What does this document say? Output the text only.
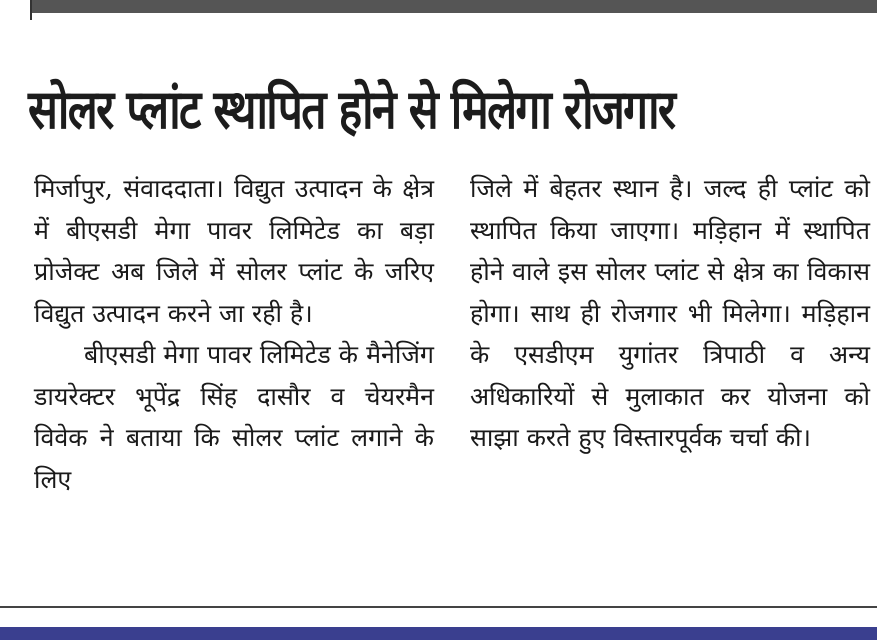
सोलर प्लांट स्थापित होने से मिलेगा रोजगार

मिर्जापुर, संवाददाता। विद्युत उत्पादन के क्षेत्र में बीएसडी मेगा पावर लिमिटेड का बड़ा प्रोजेक्ट अब जिले में सोलर प्लांट के जरिए विद्युत उत्पादन करने जा रही है।

बीएसडी मेगा पावर लिमिटेड के मैनेजिंग डायरेक्टर भूपेंद्र सिंह दासौर व चेयरमैन विवेक ने बताया कि सोलर प्लांट लगाने के लिए

जिले में बेहतर स्थान है। जल्द ही प्लांट को स्थापित किया जाएगा। मड़िहान में स्थापित होने वाले इस सोलर प्लांट से क्षेत्र का विकास होगा। साथ ही रोजगार भी मिलेगा। मड़िहान के एसडीएम युगांतर त्रिपाठी व अन्य अधिकारियों से मुलाकात कर योजना को साझा करते हुए विस्तारपूर्वक चर्चा की।
